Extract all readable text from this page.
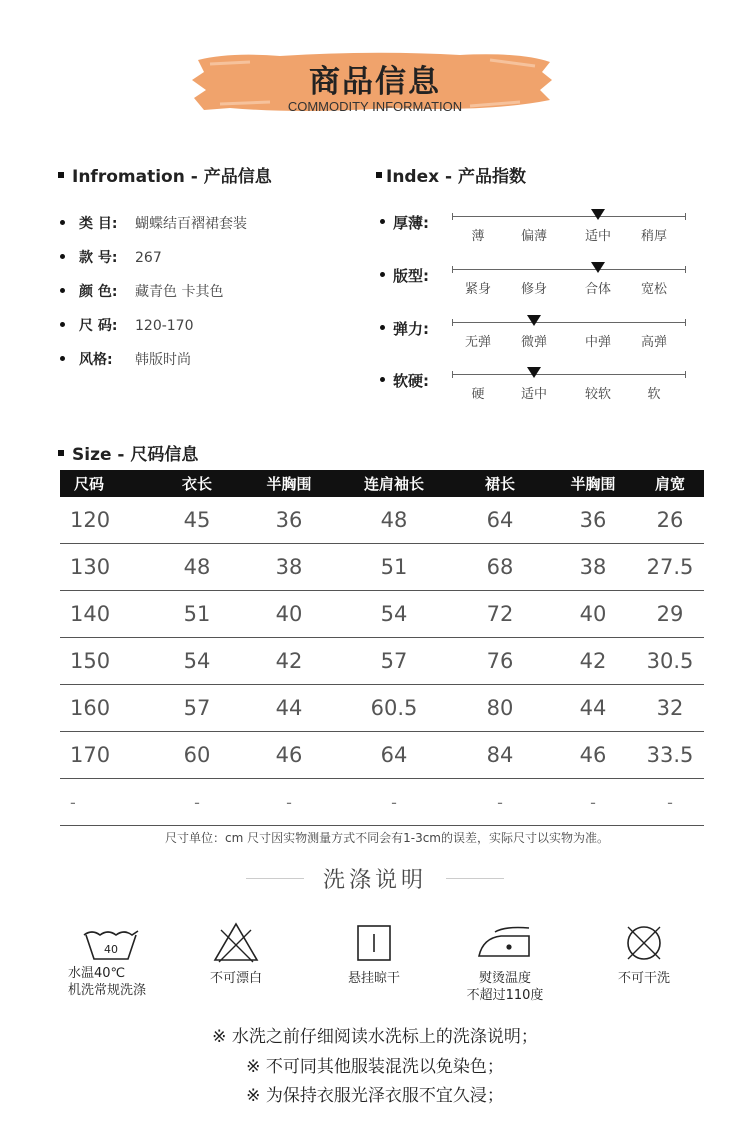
商品信息
COMMODITY INFORMATION
Infromation - 产品信息
类 目: 蝴蝶结百褶裙套装
款 号: 267
颜 色: 藏青色 卡其色
尺 码: 120-170
风格: 韩版时尚
Index - 产品指数
厚薄:
薄	偏薄	适中	稍厚
版型:
紧身	修身	合体	宽松
弹力:
无弹	微弹	中弹	高弹
软硬:
硬	适中	较软	软
Size - 尺码信息
尺码	衣长	半胸围	连肩袖长	裙长	半胸围	肩宽
120	45	36	48	64	36	26
130	48	38	51	68	38	27.5
140	51	40	54	72	40	29
150	54	42	57	76	42	30.5
160	57	44	60.5	80	44	32
170	60	46	64	84	46	33.5
-	-	-	-	-	-	-
尺寸单位：cm 尺寸因实物测量方式不同会有1-3cm的误差，实际尺寸以实物为准。
洗涤说明
40
水温40℃
机洗常规洗涤
不可漂白	悬挂晾干	熨烫温度
不超过110度
不可干洗
※ 水洗之前仔细阅读水洗标上的洗涤说明；
※ 不可同其他服装混洗以免染色；
※ 为保持衣服光泽衣服不宜久浸；
